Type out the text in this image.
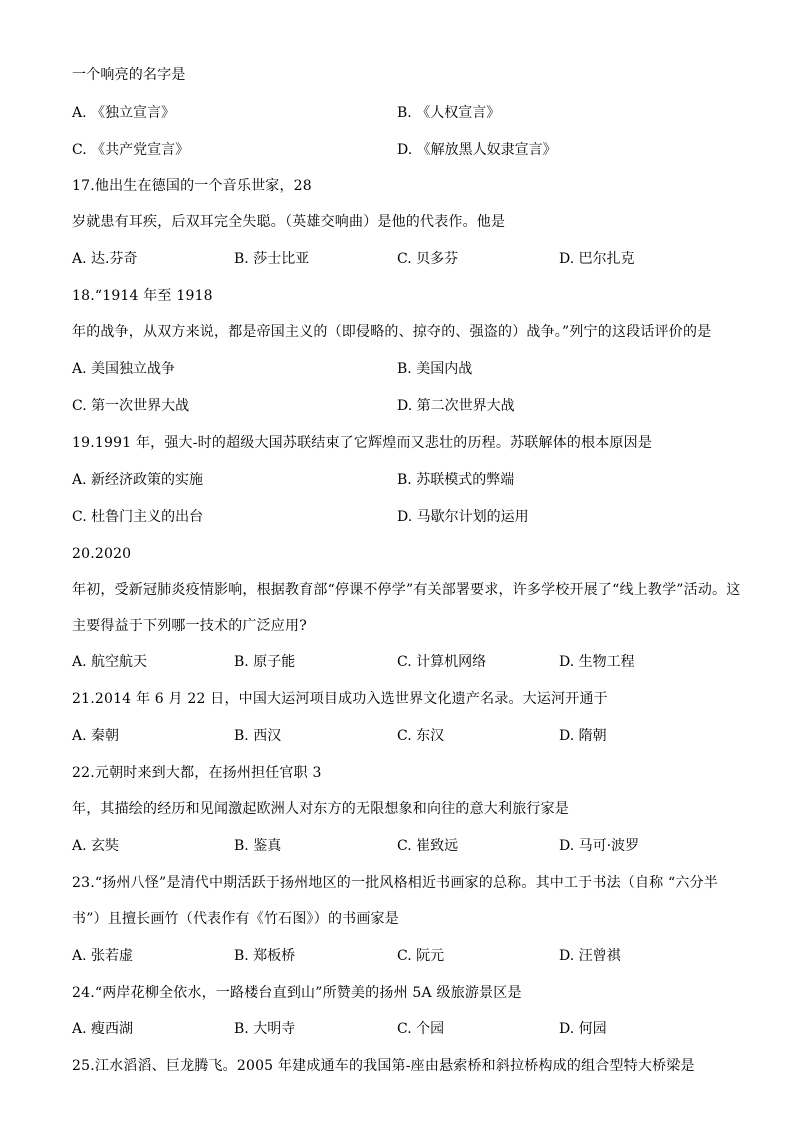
一个响亮的名字是
A. 《独立宣言》	B. 《人权宣言》
C. 《共产党宣言》	D. 《解放黑人奴隶宣言》
17.他出生在德国的一个音乐世家，28
岁就患有耳疾，后双耳完全失聪。（英雄交响曲）是他的代表作。他是
A. 达.芬奇	B. 莎士比亚	C. 贝多芬	D. 巴尔扎克
18.“1914 年至 1918
年的战争，从双方来说，都是帝国主义的（即侵略的、掠夺的、强盗的）战争。”列宁的这段话评价的是
A. 美国独立战争	B. 美国内战
C. 第一次世界大战	D. 第二次世界大战
19.1991 年，强大-时的超级大国苏联结束了它辉煌而又悲壮的历程。苏联解体的根本原因是
A. 新经济政策的实施	B. 苏联模式的弊端
C. 杜鲁门主义的出台	D. 马歇尔计划的运用
20.2020
年初，受新冠肺炎疫情影响，根据教育部“停课不停学”有关部署要求，许多学校开展了“线上教学”活动。这
主要得益于下列哪一技术的广泛应用?
A. 航空航天	B. 原子能	C. 计算机网络	D. 生物工程
21.2014 年 6 月 22 日，中国大运河项目成功入选世界文化遗产名录。大运河开通于
A. 秦朝	B. 西汉	C. 东汉	D. 隋朝
22.元朝时来到大都，在扬州担任官职 3
年，其描绘的经历和见闻激起欧洲人对东方的无限想象和向往的意大利旅行家是
A. 玄奘	B. 鉴真	C. 崔致远	D. 马可·波罗
23.“扬州八怪”是清代中期活跃于扬州地区的一批风格相近书画家的总称。其中工于书法（自称 “六分半
书”）且擅长画竹（代表作有《竹石图》）的书画家是
A. 张若虚	B. 郑板桥	C. 阮元	D. 汪曾祺
24.“两岸花柳全依水，一路楼台直到山”所赞美的扬州 5A 级旅游景区是
A. 瘦西湖	B. 大明寺	C. 个园	D. 何园
25.江水滔滔、巨龙腾飞。2005 年建成通车的我国第-座由悬索桥和斜拉桥构成的组合型特大桥梁是
